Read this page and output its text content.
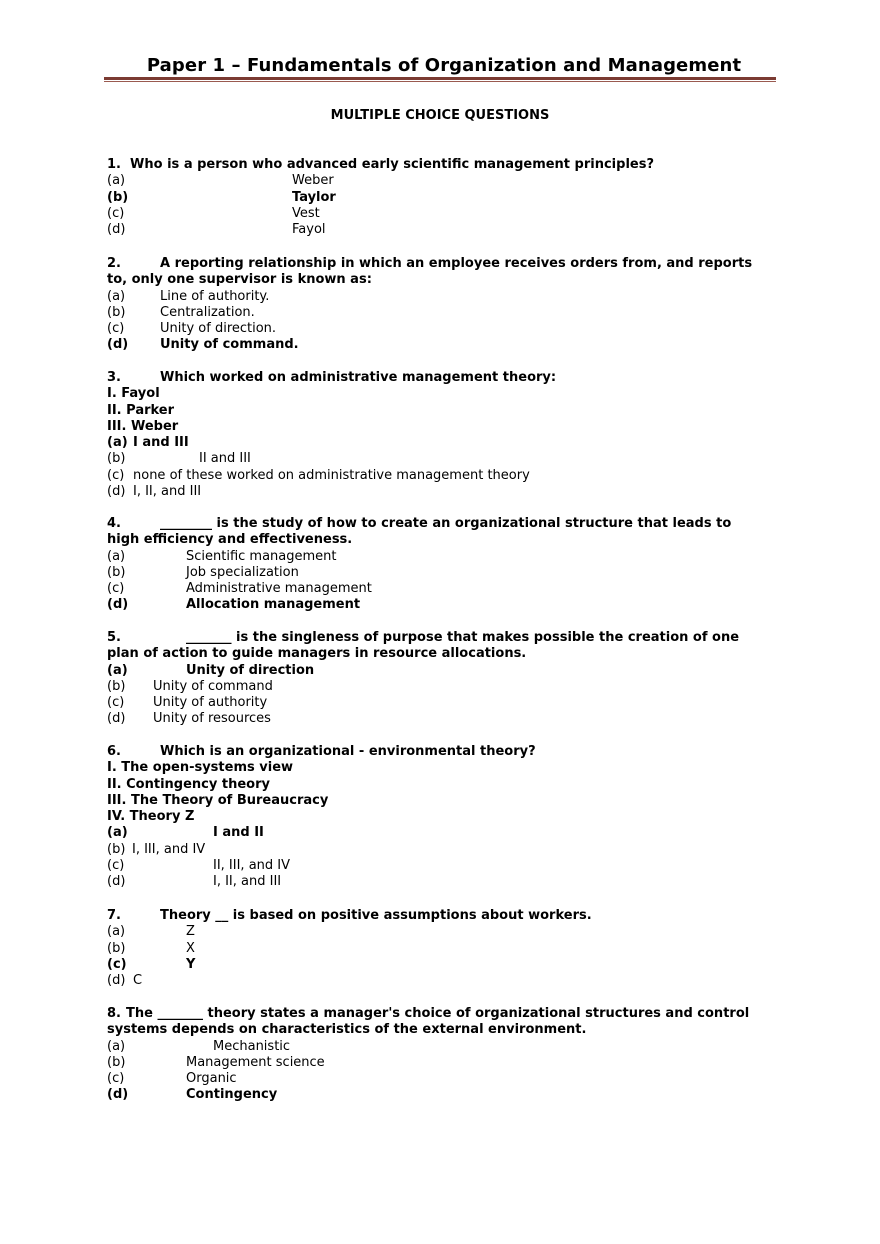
Paper 1 – Fundamentals of Organization and Management
MULTIPLE CHOICE QUESTIONS
1. Who is a person who advanced early scientific management principles?
(a)	Weber
(b)	Taylor
(c)	Vest
(d)	Fayol
2.	A reporting relationship in which an employee receives orders from, and reports to, only one supervisor is known as:
(a)	Line of authority.
(b)	Centralization.
(c)	Unity of direction.
(d) Unity of command.
3.	Which worked on administrative management theory:
I. Fayol
II. Parker
III. Weber
(a) I and III
(b)	II and III
(c) none of these worked on administrative management theory
(d) I, II, and III
4.	________ is the study of how to create an organizational structure that leads to high efficiency and effectiveness.
(a)	Scientific management
(b)	Job specialization
(c)	Administrative management
(d)	Allocation management
5.	_______ is the singleness of purpose that makes possible the creation of one plan of action to guide managers in resource allocations.
(a)	Unity of direction
(b) Unity of command
(c) Unity of authority
(d) Unity of resources
6.	Which is an organizational - environmental theory?
I. The open-systems view
II. Contingency theory
III. The Theory of Bureaucracy
IV. Theory Z
(a)	I and II
(b) I, III, and IV
(c)	II, III, and IV
(d)	I, II, and III
7.	Theory __ is based on positive assumptions about workers.
(a)	Z
(b)	X
(c)	Y
(d) C
8. The _______ theory states a manager's choice of organizational structures and control systems depends on characteristics of the external environment.
(a)	Mechanistic
(b)	Management science
(c)	Organic
(d)	Contingency
